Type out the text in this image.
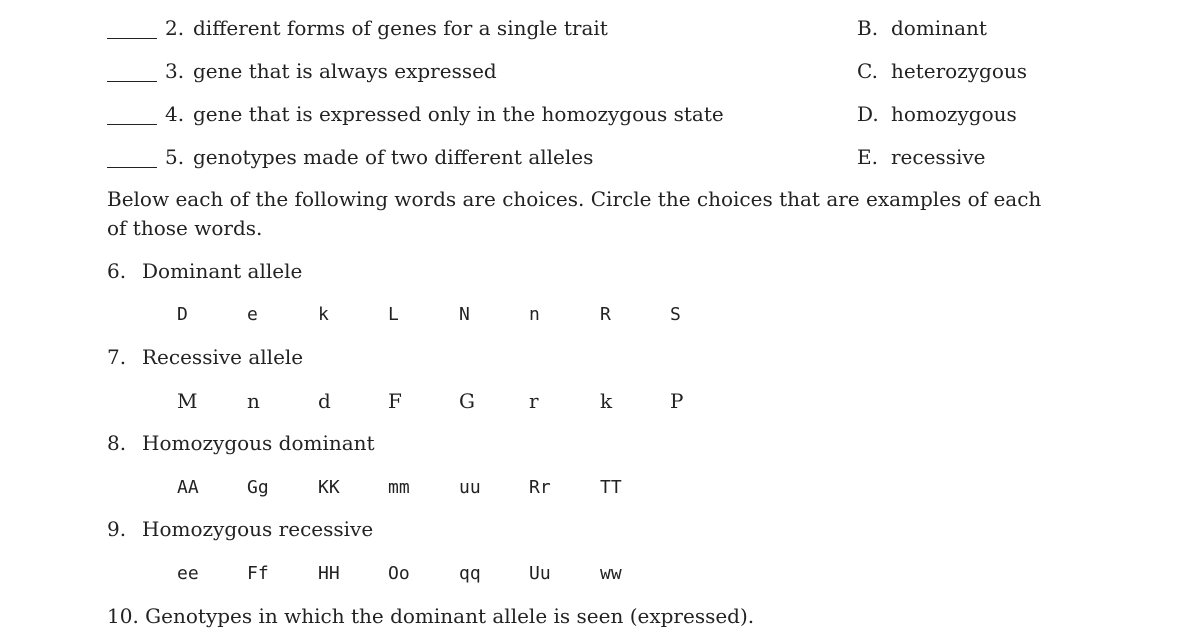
2. different forms of genes for a single trait	B. dominant
3. gene that is always expressed	C. heterozygous
4. gene that is expressed only in the homozygous state	D. homozygous
5. genotypes made of two different alleles	E. recessive
Below each of the following words are choices. Circle the choices that are examples of each of those words.
6. Dominant allele
D	e	k	L	N	n	R	S
7. Recessive allele
M n	d	F	G	r	k	P
8. Homozygous dominant
AA	Gg	KK	mm	uu	Rr	TT
9. Homozygous recessive
ee	Ff	HH	Oo	qq	Uu	ww
10. Genotypes in which the dominant allele is seen (expressed).
